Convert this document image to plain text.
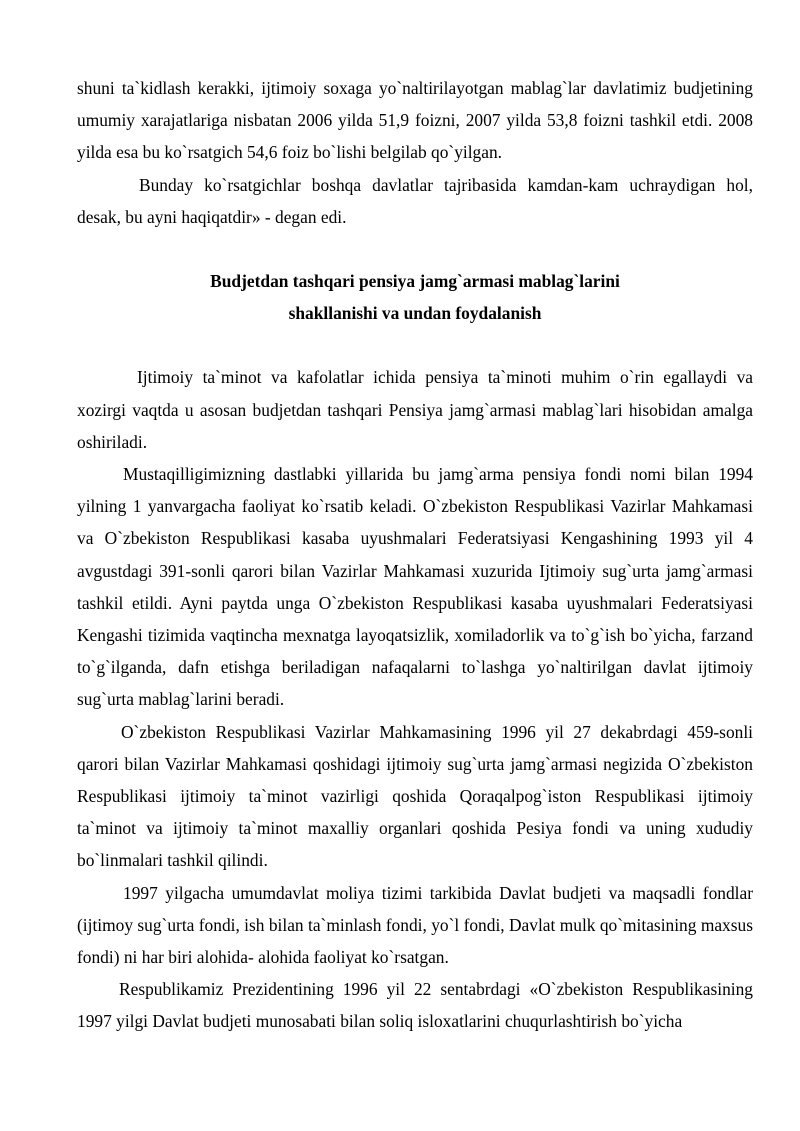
shuni ta`kidlash kerakki, ijtimoiy soxaga yo`naltirilayotgan mablag`lar davlatimiz budjetining umumiy xarajatlariga nisbatan 2006 yilda 51,9 foizni, 2007 yilda 53,8 foizni tashkil etdi. 2008 yilda esa bu ko`rsatgich 54,6 foiz bo`lishi belgilab qo`yilgan.

Bunday ko`rsatgichlar boshqa davlatlar tajribasida kamdan-kam uchraydigan hol, desak, bu ayni haqiqatdir» - degan edi.

Budjetdan tashqari pensiya jamg`armasi mablag`larini

shakllanishi va undan foydalanish

Ijtimoiy ta`minot va kafolatlar ichida pensiya ta`minoti muhim o`rin egallaydi va xozirgi vaqtda u asosan budjetdan tashqari Pensiya jamg`armasi mablag`lari hisobidan amalga oshiriladi.

Mustaqilligimizning dastlabki yillarida bu jamg`arma pensiya fondi nomi bilan 1994 yilning 1 yanvargacha faoliyat ko`rsatib keladi. O`zbekiston Respublikasi Vazirlar Mahkamasi va O`zbekiston Respublikasi kasaba uyushmalari Federatsiyasi Kengashining 1993 yil 4 avgustdagi 391-sonli qarori bilan Vazirlar Mahkamasi xuzurida Ijtimoiy sug`urta jamg`armasi tashkil etildi. Ayni paytda unga O`zbekiston Respublikasi kasaba uyushmalari Federatsiyasi Kengashi tizimida vaqtincha mexnatga layoqatsizlik, xomiladorlik va to`g`ish bo`yicha, farzand to`g`ilganda, dafn etishga beriladigan nafaqalarni to`lashga yo`naltirilgan davlat ijtimoiy sug`urta mablag`larini beradi.

O`zbekiston Respublikasi Vazirlar Mahkamasining 1996 yil 27 dekabrdagi 459-sonli qarori bilan Vazirlar Mahkamasi qoshidagi ijtimoiy sug`urta jamg`armasi negizida O`zbekiston Respublikasi ijtimoiy ta`minot vazirligi qoshida Qoraqalpog`iston Respublikasi ijtimoiy ta`minot va ijtimoiy ta`minot maxalliy organlari qoshida Pesiya fondi va uning xududiy bo`linmalari tashkil qilindi.

1997 yilgacha umumdavlat moliya tizimi tarkibida Davlat budjeti va maqsadli fondlar (ijtimoy sug`urta fondi, ish bilan ta`minlash fondi, yo`l fondi, Davlat mulk qo`mitasining maxsus fondi) ni har biri alohida- alohida faoliyat ko`rsatgan.

Respublikamiz Prezidentining 1996 yil 22 sentabrdagi «O`zbekiston Respublikasining 1997 yilgi Davlat budjeti munosabati bilan soliq isloxatlarini chuqurlashtirish bo`yicha
